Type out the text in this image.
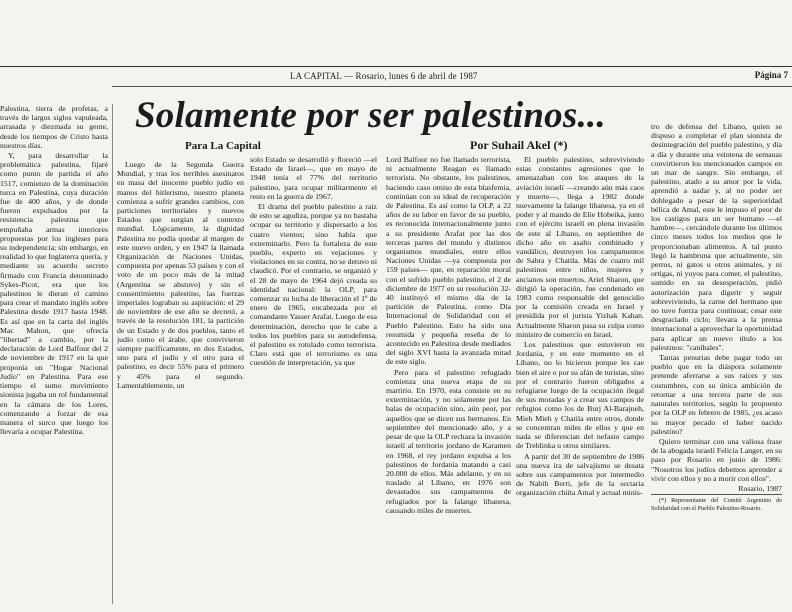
LA CAPITAL — Rosario, lunes 6 de abril de 1987	Página 7
Solamente por ser palestinos...
Para La Capital	Por Suhail Akel (*)

Palestina, tierra de profetas, a través de largos siglos vapuleada, arrasada y diezmada su gente, desde los tiempos de Cristo hasta nuestros días.

Y, para desarrollar la problemática palestina, fijaré como punto de partida el año 1517, comienzo de la dominación turca en Palestina, cuya duración fue de 400 años, y de donde fueron expulsados por la resistencia palestina que empuñaba armas interiores propuestas por los ingleses para su independencia; sin embargo, en realidad lo que Inglaterra quería, y mediante su acuerdo secreto firmado con Francia denominado Sykes-Picot, era que los palestinos le dieran el camino para crear el mandato inglés sobre Palestina desde 1917 hasta 1948. Es así que en la carta del inglés Mac Mahon, que ofrecía "libertad" a cambio, por la declaración de Lord Balfour del 2 de noviembre de 1917 en la que proponía un "Hogar Nacional Judío" en Palestina. Para ese tiempo el sumo movimiento sionista jugaba un rol fundamental en la cámara de los Lores, comenzando a forzar de esa manera el surco que luego los llevaría a ocupar Palestina.

Luego de la Segunda Guerra Mundial, y tras los terribles asesinatos en masa del inocente pueblo judío en manos del hitlerismo, nuestro planeta comienza a sufrir grandes cambios, con particiones territoriales y nuevos Estados que surgían al contexto mundial. Lógicamente, la dignidad Palestina no podía quedar al margen de este nuevo orden, y en 1947 la llamada Organización de Naciones Unidas, compuesta por apenas 53 países y con el voto de un poco más de la mitad (Argentina se abstuvo) y sin el consentimiento palestino, las fuerzas imperiales lograban su aspiración: el 29 de noviembre de ese año se decretó, a través de la resolución 181, la partición de un Estado y de dos pueblos, tanto el judío como el árabe, que convivieron siempre pacíficamente, en dos Estados, uno para el judío y el otro para el palestino, es decir 55% para el primero y 45% para el segundo. Lamentablemente, un

solo Estado se desarrolló y floreció —el Estado de Israel—, que en mayo de 1948 tenía el 77% del territorio palestino, para ocupar militarmente el resto en la guerra de 1967.

El drama del pueblo palestino a raíz de esto se agudiza, porque ya no bastaba ocupar su territorio y dispersarlo a los cuatro vientos; sino había que exterminarlo. Pero la fortaleza de este pueblo, experto en vejaciones y violaciones en su contra, no se detuvo ni claudicó. Por el contrario, se organizó y el 28 de mayo de 1964 dejó creada su identidad nacional: la OLP, para comenzar su lucha de liberación el 1º de enero de 1965, encabezada por el comandante Yasser Arafat. Luego de esa determinación, derecho que le cabe a todos los pueblos para su autodefensa, el palestino es rotulado como terrorista. Claro está que el terrorismo es una cuestión de interpretación, ya que

Lord Balfour no fue llamado terrorista, ni actualmente Reagan es llamado terrorista. No obstante, los palestinos, haciendo caso omiso de esta blasfemia, continúan con su ideal de recuperación de Palestina. Es así como la OLP, a 22 años de su labor en favor de su pueblo, es reconocida internacionalmente junto a su presidente Arafat por las dos terceras partes del mundo y distintos organismos mundiales, entre ellos Naciones Unidas —ya compuesta por 159 países— que, en reparación moral con el sufrido pueblo palestino, el 2 de diciembre de 1977 en su resolución 32-40 instituyó el mismo día de la partición de Palestina, como Día Internacional de Solidaridad con el Pueblo Palestino. Esto ha sido una resumida y pequeña reseña de lo acontecido en Palestina desde mediados del siglo XVI hasta la avanzada mitad de este siglo.

Pero para el palestino refugiado comienza una nueva etapa de su martirio. En 1970, esta consiste en su exterminación, y no solamente por las balas de ocupación sino, aún peor, por aquellos que se dicen sus hermanos. En septiembre del mencionado año, y a pesar de que la OLP rechaza la invasión israelí al territorio jordano de Karamen en 1968, el rey jordano expulsa a los palestinos de Jordania matando a casi 20.000 de ellos. Más adelante, y en su traslado al Líbano, en 1976 son devastados sus campamentos de refugiados por la falange libanesa, causando miles de muertes.

El pueblo palestino, sobreviviendo estas constantes agresiones que le amenazaban con los ataques de la aviación israelí —creando aún más caos y muerte—, llega a 1982 donde nuevamente la falange libanesa, ya en el poder y al mando de Elie Hobeika, junto con el ejército israelí en plena invasión de este al Líbano, en septiembre de dicho año en asalto combinado y vandálico, destruyen los campamentos de Sabra y Chatila. Más de cuatro mil palestinos entre niños, mujeres y ancianos son muertos. Ariel Sharon, que dirigió la operación, fue condenado en 1983 como responsable del genocidio por la comisión creada en Israel y presidida por el jurista Yizhak Kahan. Actualmente Sharon pasa su culpa como ministro de comercio en Israel.

Los palestinos que estuvieron en Jordania, y en este momento en el Líbano, no lo hicieron porque les cae bien el aire o por su afán de turistas, sino por el contrario fueron obligados a refugiarse luego de la ocupación ilegal de sus moradas y a crear sus campos de refugios como los de Burj Al-Barajneh, Mieh Mieh y Chatila entre otros, donde se concentran miles de ellos y que en nada se diferencian del nefasto campo de Treblinka u otros similares.

A partir del 30 de septiembre de 1986 una nueva ira de salvajismo se desata sobre sus campamentos por intermedio de Nabih Berri, jefe de la sectaria organización chiíta Amal y actual minis-

tro de defensa del Líbano, quien se dispuso a completar el plan sionista de desintegración del pueblo palestino, y día a día y durante una veintena de semanas convirtieron los mencionados campos en un mar de sangre. Sin embargo, el palestino, atado a su amor por la vida, aprendió a nadar y, al no poder ser doblegado a pesar de la superioridad bélica de Amal, este le impuso el peor de los castigos para un ser humano —el hambre—, cercándole durante los últimos cinco meses todos los medios que le proporcionaban alimentos. A tal punto llegó la hambruna que actualmente, sin perros, ni gatos u otros animales, y ni ortigas, ni yuyos para comer, el palestino, sumido en su desesperación, pidió autorización para digerir y seguir sobreviviendo, la carne del hermano que no tuvo fuerza para continuar, cesar este desgraciado ciclo; llevara a la prensa internacional a aprovechar la oportunidad para aplicar un nuevo título a los palestinos: "caníbales".

Tantas penurias debe pagar todo un pueblo que en la diáspora solamente pretende aferrarse a sus raíces y sus costumbres, con su única ambición de retornar a una tercera parte de sus naturales territorios, según lo propuesto por la OLP en febrero de 1985, ¿es acaso su mayor pecado el haber nacido palestino?

Quiero terminar con una valiosa frase de la abogada israelí Felicia Langer, en su paso por Rosario en junio de 1986: "Nosotros los judíos debemos aprender a vivir con ellos y no a morir con ellos".

Rosario, 1987

(*) Representante del Comité Argentino de Solidaridad con el Pueblo Palestino-Rosario.
